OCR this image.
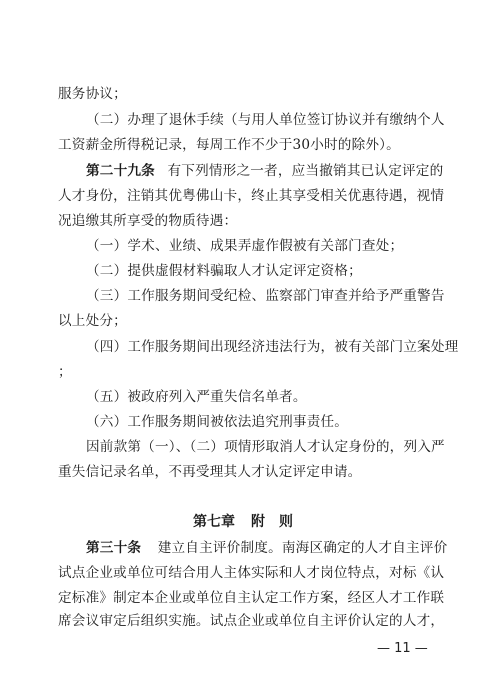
服务协议；
（二）办理了退休手续（与用人单位签订协议并有缴纳个人
工资薪金所得税记录，每周工作不少于30小时的除外）。
第二十九条 有下列情形之一者，应当撤销其已认定评定的
人才身份，注销其优粤佛山卡，终止其享受相关优惠待遇，视情
况追缴其所享受的物质待遇：
（一）学术、业绩、成果弄虚作假被有关部门查处；
（二）提供虚假材料骗取人才认定评定资格；
（三）工作服务期间受纪检、监察部门审查并给予严重警告
以上处分；
（四）工作服务期间出现经济违法行为，被有关部门立案处理
；
（五）被政府列入严重失信名单者。
（六）工作服务期间被依法追究刑事责任。
因前款第（一）、（二）项情形取消人才认定身份的，列入严
重失信记录名单，不再受理其人才认定评定申请。
第七章 附　则
第三十条 建立自主评价制度。南海区确定的人才自主评价
试点企业或单位可结合用人主体实际和人才岗位特点，对标《认
定标准》制定本企业或单位自主认定工作方案，经区人才工作联
席会议审定后组织实施。试点企业或单位自主评价认定的人才，
— 11 —
